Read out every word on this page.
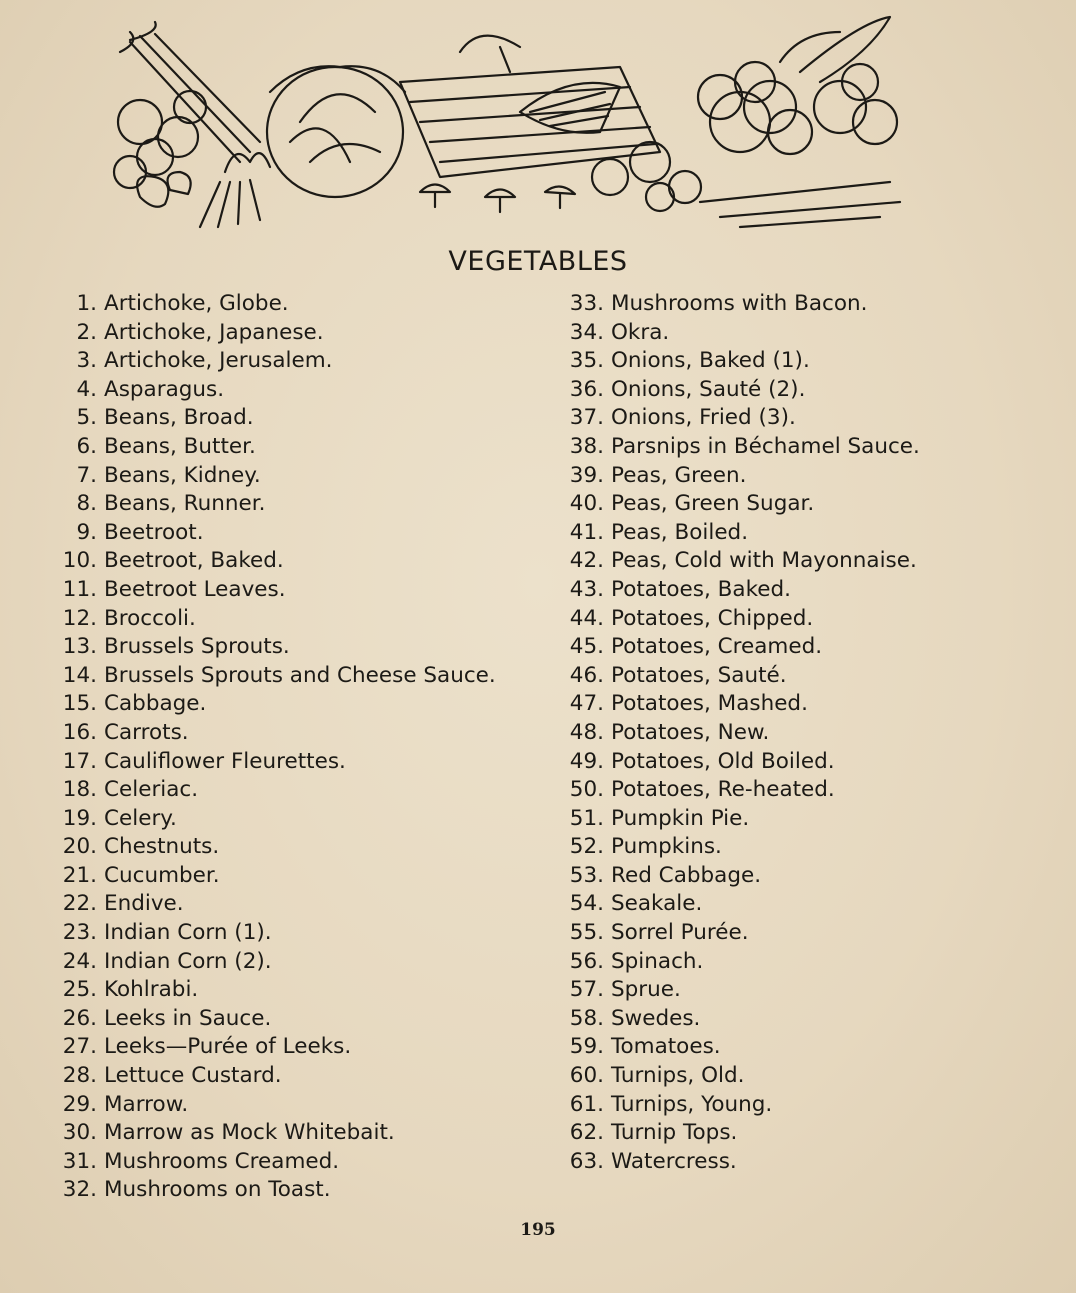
VEGETABLES
1. Artichoke, Globe.
2. Artichoke, Japanese.
3. Artichoke, Jerusalem.
4. Asparagus.
5. Beans, Broad.
6. Beans, Butter.
7. Beans, Kidney.
8. Beans, Runner.
9. Beetroot.
10. Beetroot, Baked.
11. Beetroot Leaves.
12. Broccoli.
13. Brussels Sprouts.
14. Brussels Sprouts and Cheese Sauce.
15. Cabbage.
16. Carrots.
17. Cauliflower Fleurettes.
18. Celeriac.
19. Celery.
20. Chestnuts.
21. Cucumber.
22. Endive.
23. Indian Corn (1).
24. Indian Corn (2).
25. Kohlrabi.
26. Leeks in Sauce.
27. Leeks—Purée of Leeks.
28. Lettuce Custard.
29. Marrow.
30. Marrow as Mock Whitebait.
31. Mushrooms Creamed.
32. Mushrooms on Toast.
33. Mushrooms with Bacon.
34. Okra.
35. Onions, Baked (1).
36. Onions, Sauté (2).
37. Onions, Fried (3).
38. Parsnips in Béchamel Sauce.
39. Peas, Green.
40. Peas, Green Sugar.
41. Peas, Boiled.
42. Peas, Cold with Mayonnaise.
43. Potatoes, Baked.
44. Potatoes, Chipped.
45. Potatoes, Creamed.
46. Potatoes, Sauté.
47. Potatoes, Mashed.
48. Potatoes, New.
49. Potatoes, Old Boiled.
50. Potatoes, Re-heated.
51. Pumpkin Pie.
52. Pumpkins.
53. Red Cabbage.
54. Seakale.
55. Sorrel Purée.
56. Spinach.
57. Sprue.
58. Swedes.
59. Tomatoes.
60. Turnips, Old.
61. Turnips, Young.
62. Turnip Tops.
63. Watercress.
195
